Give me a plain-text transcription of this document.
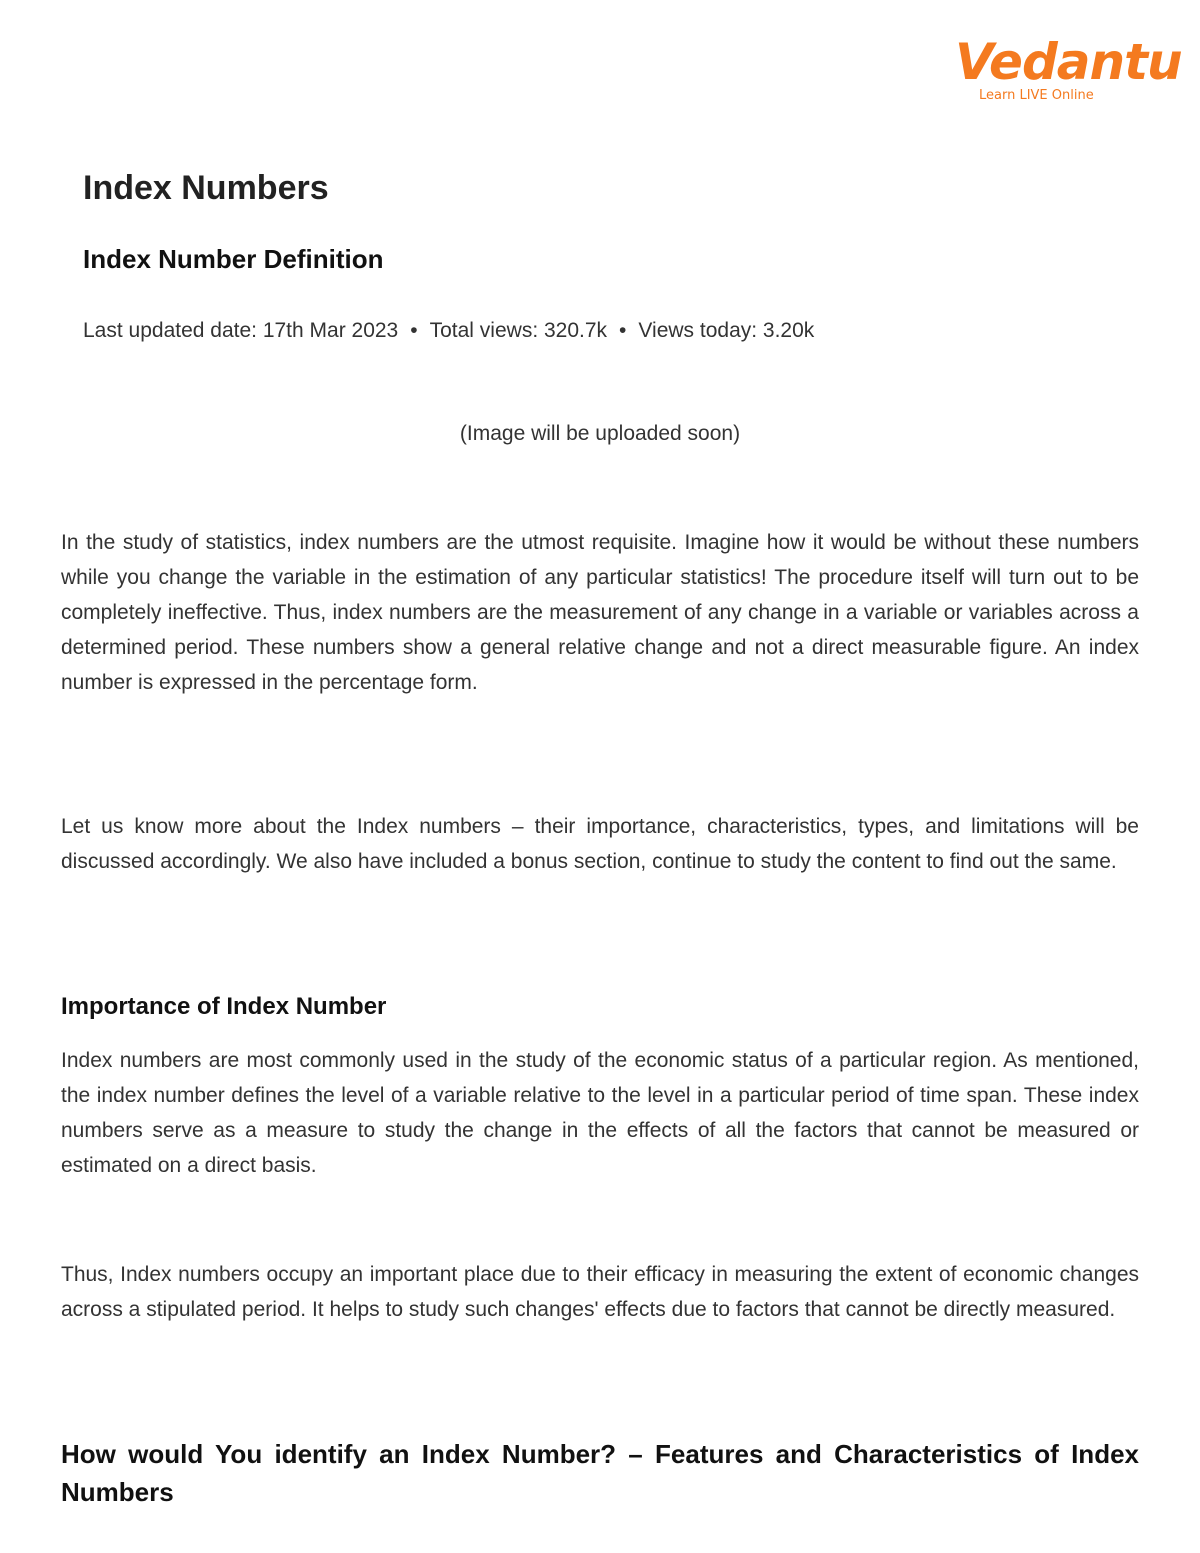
Vedantu
Learn LIVE Online
Index Numbers
Index Number Definition
Last updated date: 17th Mar 2023 • Total views: 320.7k • Views today: 3.20k
(Image will be uploaded soon)

In the study of statistics, index numbers are the utmost requisite. Imagine how it would be without these numbers while you change the variable in the estimation of any particular statistics! The procedure itself will turn out to be completely ineffective. Thus, index numbers are the measurement of any change in a variable or variables across a determined period. These numbers show a general relative change and not a direct measurable figure. An index number is expressed in the percentage form.

Let us know more about the Index numbers – their importance, characteristics, types, and limitations will be discussed accordingly. We also have included a bonus section, continue to study the content to find out the same.

Importance of Index Number

Index numbers are most commonly used in the study of the economic status of a particular region. As mentioned, the index number defines the level of a variable relative to the level in a particular period of time span. These index numbers serve as a measure to study the change in the effects of all the factors that cannot be measured or estimated on a direct basis.

Thus, Index numbers occupy an important place due to their efficacy in measuring the extent of economic changes across a stipulated period. It helps to study such changes' effects due to factors that cannot be directly measured.

How would You identify an Index Number? – Features and Characteristics of Index Numbers
